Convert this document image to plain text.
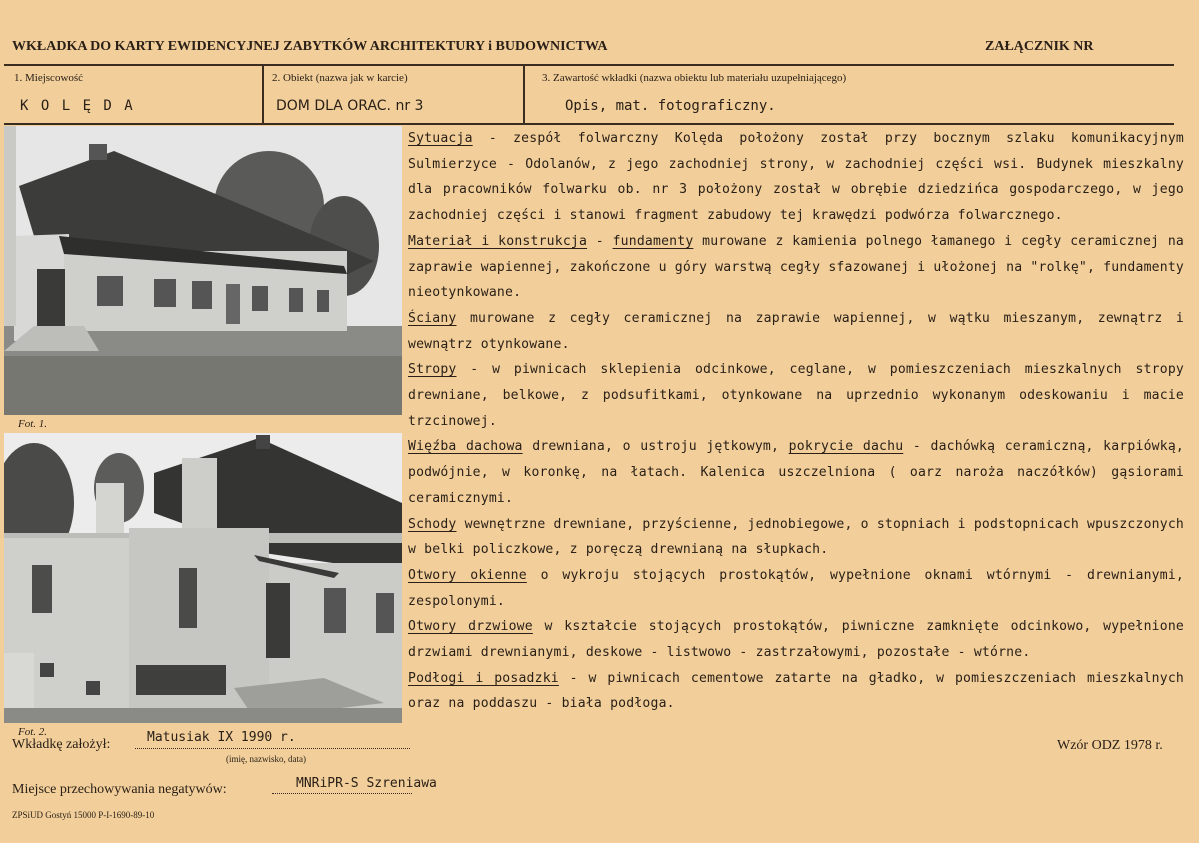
WKŁADKA DO KARTY EWIDENCYJNEJ ZABYTKÓW ARCHITEKTURY i BUDOWNICTWA	ZAŁĄCZNIK NR
1. Miejscowość
K O L Ę D A
2. Obiekt (nazwa jak w karcie)
DOM DLA ORAC. nr 3
3. Zawartość wkładki (nazwa obiektu lub materiału uzupełniającego)
Opis, mat. fotograficzny.
Fot. 1.
Fot. 2.

Sytuacja - zespół folwarczny Kolęda położony został przy bocznym szlaku komunikacyjnym Sulmierzyce - Odolanów, z jego zachodniej strony, w zachodniej części wsi. Budynek mieszkalny dla pracowników folwarku ob. nr 3 położony został w obrębie dziedzińca gospodarczego, w jego zachodniej części i stanowi fragment zabudowy tej krawędzi podwórza folwarcznego.

Materiał i konstrukcja - fundamenty murowane z kamienia polnego łamanego i cegły ceramicznej na zaprawie wapiennej, zakończone u góry warstwą cegły sfazowanej i ułożonej na "rolkę", fundamenty nieotynkowane.

Ściany murowane z cegły ceramicznej na zaprawie wapiennej, w wątku mieszanym, zewnątrz i wewnątrz otynkowane.

Stropy - w piwnicach sklepienia odcinkowe, ceglane, w pomieszczeniach mieszkalnych stropy drewniane, belkowe, z podsufitkami, otynkowane na uprzednio wykonanym odeskowaniu i macie trzcinowej.

Więźba dachowa drewniana, o ustroju jętkowym, pokrycie dachu - dachówką ceramiczną, karpiówką, podwójnie, w koronkę, na łatach. Kalenica uszczelniona ( oarz naroża naczółków) gąsiorami ceramicznymi.

Schody wewnętrzne drewniane, przyścienne, jednobiegowe, o stopniach i podstopnicach wpuszczonych w belki policzkowe, z poręczą drewnianą na słupkach.

Otwory okienne o wykroju stojących prostokątów, wypełnione oknami wtórnymi - drewnianymi, zespolonymi.

Otwory drzwiowe w kształcie stojących prostokątów, piwniczne zamknięte odcinkowo, wypełnione drzwiami drewnianymi, deskowe - listwowo - zastrzałowymi, pozostałe - wtórne.

Podłogi i posadzki - w piwnicach cementowe zatarte na gładko, w pomieszczeniach mieszkalnych oraz na poddaszu - biała podłoga.

Wkładkę założył:	Matusiak IX 1990 r.
(imię, nazwisko, data)
Wzór ODZ 1978 r.
Miejsce przechowywania negatywów:	MNRiPR-S Szreniawa
ZPSiUD Gostyń 15000 P-I-1690-89-10
